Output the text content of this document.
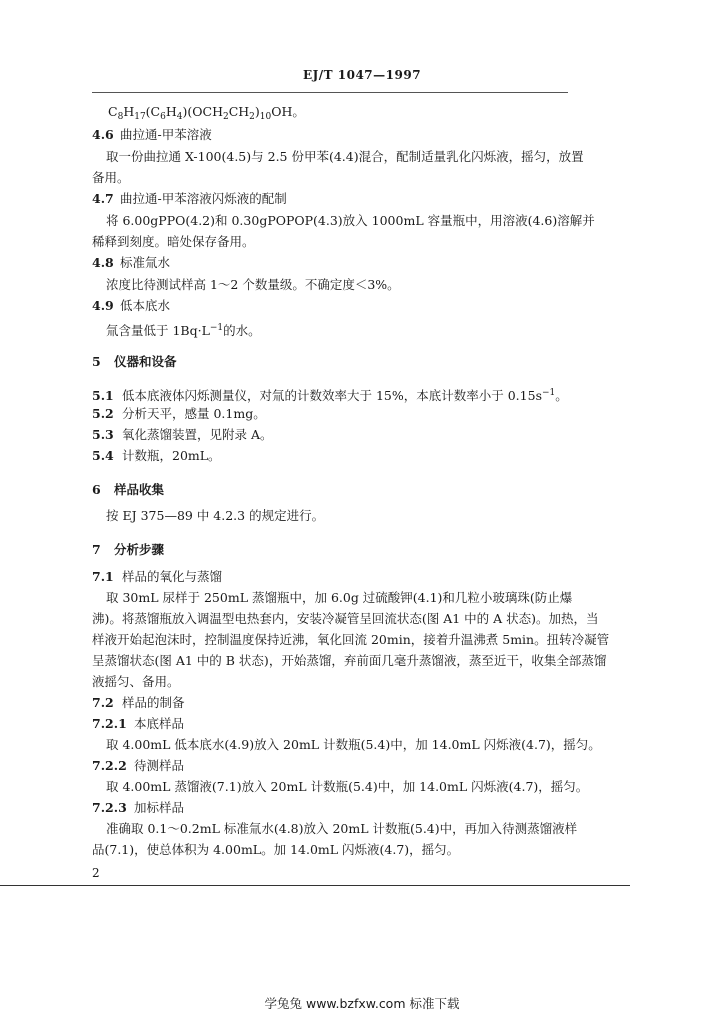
EJ/T 1047—1997
$C_8H_{17}(C_6H_4)(OCH_2CH_2)_{10}OH$。
4.6 曲拉通-甲苯溶液
取一份曲拉通 X-100(4.5)与 2.5 份甲苯(4.4)混合，配制适量乳化闪烁液，摇匀，放置
备用。
4.7 曲拉通-甲苯溶液闪烁液的配制
将 6.00gPPO(4.2)和 0.30gPOPOP(4.3)放入 1000mL 容量瓶中，用溶液(4.6)溶解并
稀释到刻度。暗处保存备用。
4.8 标准氚水
浓度比待测试样高 1～2 个数量级。不确定度＜3%。
4.9 低本底水
氚含量低于 $1Bq\cdot L^{-1}$的水。
5 仪器和设备
5.1 低本底液体闪烁测量仪，对氚的计数效率大于 15%，本底计数率小于 $0.15s^{-1}$。
5.2 分析天平，感量 0.1mg。
5.3 氧化蒸馏装置，见附录 A。
5.4 计数瓶，20mL。
6 样品收集
按 EJ 375—89 中 4.2.3 的规定进行。
7 分析步骤
7.1 样品的氧化与蒸馏
取 30mL 尿样于 250mL 蒸馏瓶中，加 6.0g 过硫酸钾(4.1)和几粒小玻璃珠(防止爆
沸)。将蒸馏瓶放入调温型电热套内，安装冷凝管呈回流状态(图 A1 中的 A 状态)。加热，当
样液开始起泡沫时，控制温度保持近沸，氧化回流 20min，接着升温沸煮 5min。扭转冷凝管
呈蒸馏状态(图 A1 中的 B 状态)，开始蒸馏，弃前面几毫升蒸馏液，蒸至近干，收集全部蒸馏
液摇匀、备用。
7.2 样品的制备
7.2.1 本底样品
取 4.00mL 低本底水(4.9)放入 20mL 计数瓶(5.4)中，加 14.0mL 闪烁液(4.7)，摇匀。
7.2.2 待测样品
取 4.00mL 蒸馏液(7.1)放入 20mL 计数瓶(5.4)中，加 14.0mL 闪烁液(4.7)，摇匀。
7.2.3 加标样品
准确取 0.1～0.2mL 标准氚水(4.8)放入 20mL 计数瓶(5.4)中，再加入待测蒸馏液样
品(7.1)，使总体积为 4.00mL。加 14.0mL 闪烁液(4.7)，摇匀。
2
学兔兔 www.bzfxw.com 标准下载
